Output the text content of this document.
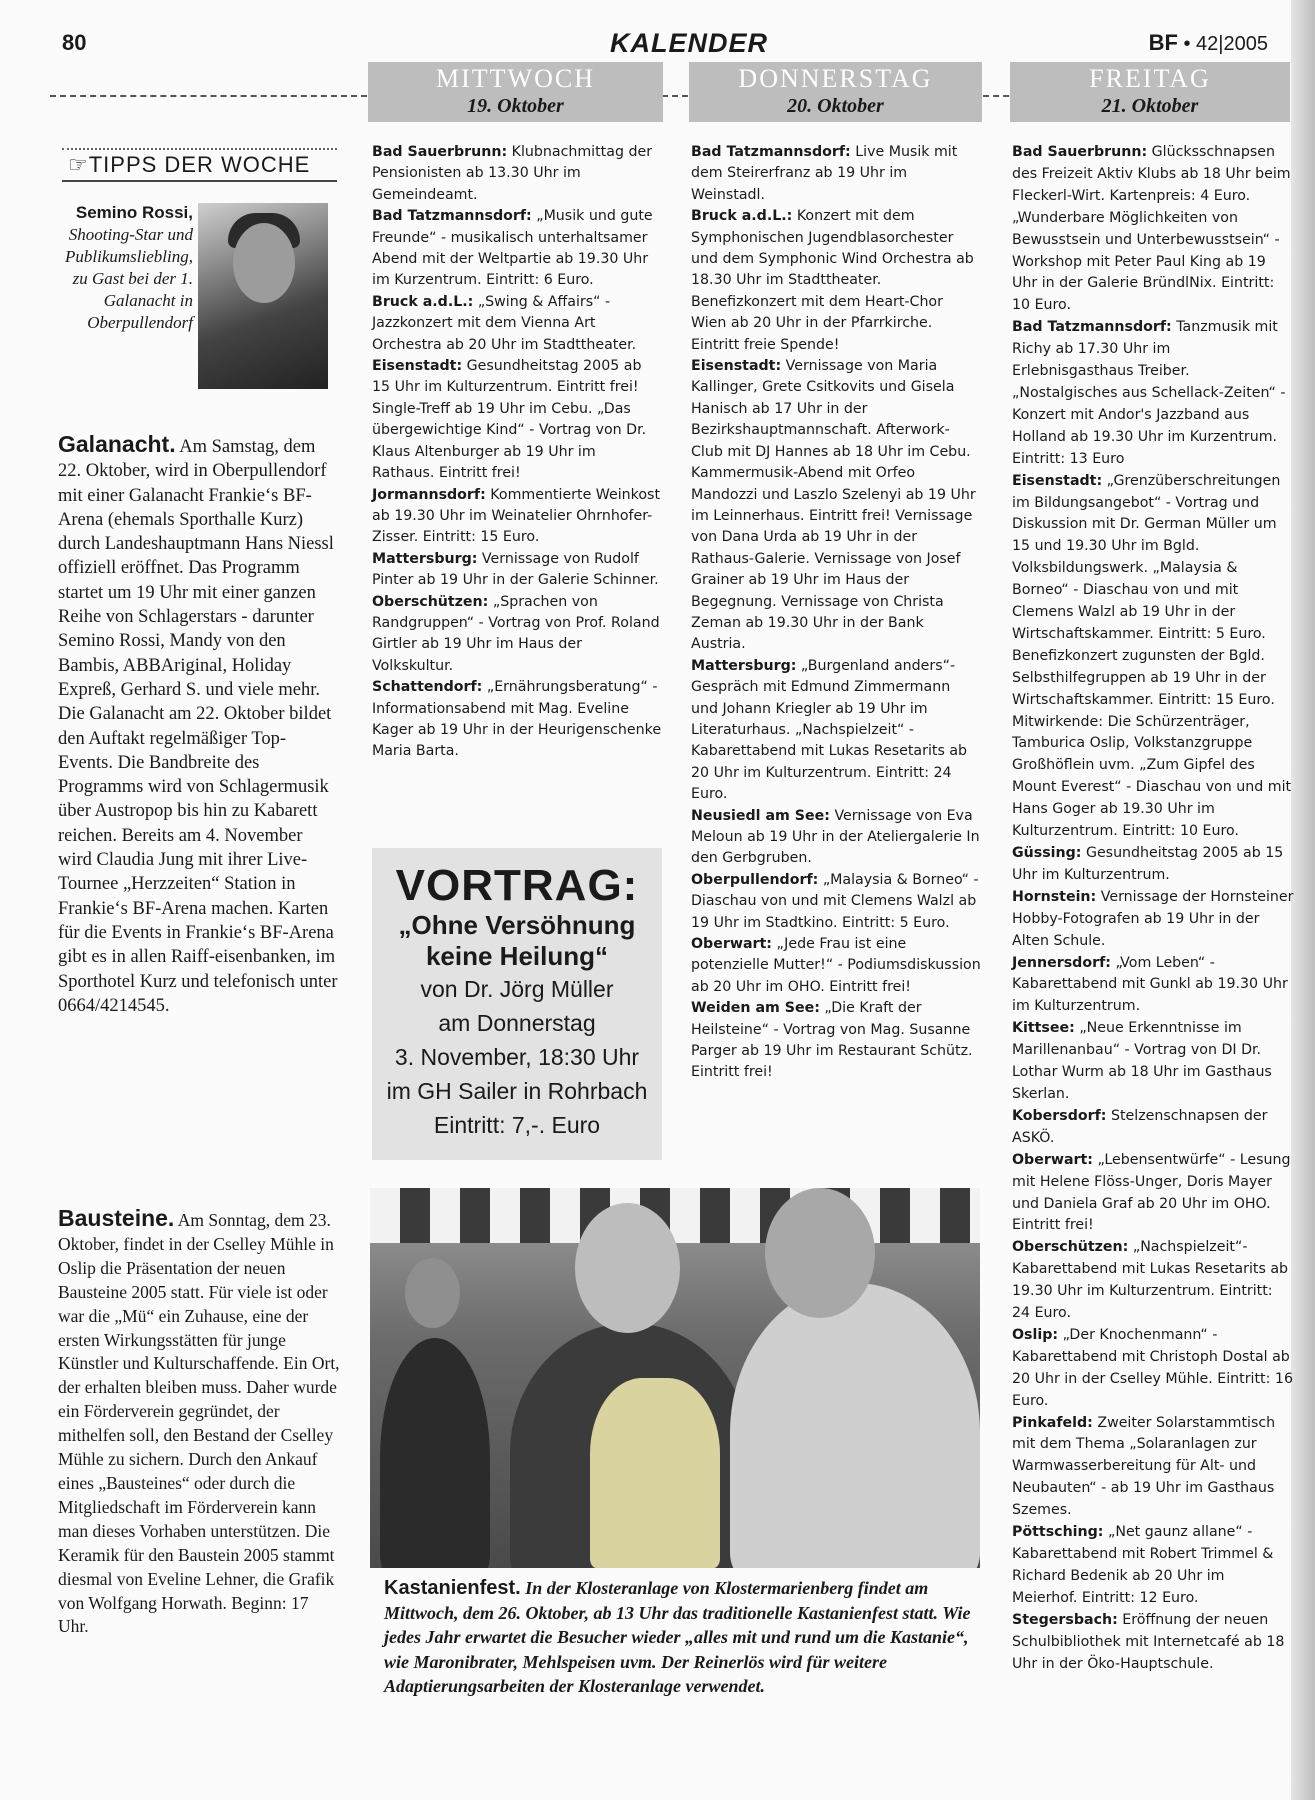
80	KALENDER	BF • 42|2005
MITTWOCH
19. Oktober
DONNERSTAG
20. Oktober
FREITAG
21. Oktober
☞TIPPS DER WOCHE
Semino Rossi, Shooting-Star und Publikumsliebling, zu Gast bei der 1. Galanacht in Oberpullendorf
Galanacht. Am Samstag, dem 22. Oktober, wird in Oberpullendorf mit einer Galanacht Frankie‘s BF-Arena (ehemals Sporthalle Kurz) durch Landeshauptmann Hans Niessl offiziell eröffnet. Das Programm startet um 19 Uhr mit einer ganzen Reihe von Schlagerstars - darunter Semino Rossi, Mandy von den Bambis, ABBAriginal, Holiday Expreß, Gerhard S. und viele mehr. Die Galanacht am 22. Oktober bildet den Auftakt regelmäßiger Top-Events. Die Bandbreite des Programms wird von Schlagermusik über Austropop bis hin zu Kabarett reichen. Bereits am 4. November wird Claudia Jung mit ihrer Live-Tournee „Herzzeiten“ Station in Frankie‘s BF-Arena machen. Karten für die Events in Frankie‘s BF-Arena gibt es in allen Raiff-eisenbanken, im Sporthotel Kurz und telefonisch unter 0664/4214545.
Bausteine. Am Sonntag, dem 23. Oktober, findet in der Cselley Mühle in Oslip die Präsentation der neuen Bausteine 2005 statt. Für viele ist oder war die „Mü“ ein Zuhause, eine der ersten Wirkungsstätten für junge Künstler und Kulturschaffende. Ein Ort, der erhalten bleiben muss. Daher wurde ein Förderverein gegründet, der mithelfen soll, den Bestand der Cselley Mühle zu sichern. Durch den Ankauf eines „Bausteines“ oder durch die Mitgliedschaft im Förderverein kann man dieses Vorhaben unterstützen. Die Keramik für den Baustein 2005 stammt diesmal von Eveline Lehner, die Grafik von Wolfgang Horwath. Beginn: 17 Uhr.

Bad Sauerbrunn: Klubnachmittag der Pensionisten ab 13.30 Uhr im Gemeindeamt.

Bad Tatzmannsdorf: „Musik und gute Freunde“ - musikalisch unterhaltsamer Abend mit der Weltpartie ab 19.30 Uhr im Kurzentrum. Eintritt: 6 Euro.

Bruck a.d.L.: „Swing & Affairs“ - Jazzkonzert mit dem Vienna Art Orchestra ab 20 Uhr im Stadttheater.

Eisenstadt: Gesundheitstag 2005 ab 15 Uhr im Kulturzentrum. Eintritt frei! Single-Treff ab 19 Uhr im Cebu. „Das übergewichtige Kind“ - Vortrag von Dr. Klaus Altenburger ab 19 Uhr im Rathaus. Eintritt frei!

Jormannsdorf: Kommentierte Weinkost ab 19.30 Uhr im Weinatelier Ohrnhofer-Zisser. Eintritt: 15 Euro.

Mattersburg: Vernissage von Rudolf Pinter ab 19 Uhr in der Galerie Schinner.

Oberschützen: „Sprachen von Randgruppen“ - Vortrag von Prof. Roland Girtler ab 19 Uhr im Haus der Volkskultur.

Schattendorf: „Ernährungsberatung“ - Informationsabend mit Mag. Eveline Kager ab 19 Uhr in der Heurigenschenke Maria Barta.

Bad Tatzmannsdorf: Live Musik mit dem Steirerfranz ab 19 Uhr im Weinstadl.

Bruck a.d.L.: Konzert mit dem Symphonischen Jugendblasorchester und dem Symphonic Wind Orchestra ab 18.30 Uhr im Stadttheater. Benefizkonzert mit dem Heart-Chor Wien ab 20 Uhr in der Pfarrkirche. Eintritt freie Spende!

Eisenstadt: Vernissage von Maria Kallinger, Grete Csitkovits und Gisela Hanisch ab 17 Uhr in der Bezirkshauptmannschaft. Afterwork-Club mit DJ Hannes ab 18 Uhr im Cebu. Kammermusik-Abend mit Orfeo Mandozzi und Laszlo Szelenyi ab 19 Uhr im Leinnerhaus. Eintritt frei! Vernissage von Dana Urda ab 19 Uhr in der Rathaus-Galerie. Vernissage von Josef Grainer ab 19 Uhr im Haus der Begegnung. Vernissage von Christa Zeman ab 19.30 Uhr in der Bank Austria.

Mattersburg: „Burgenland anders“-Gespräch mit Edmund Zimmermann und Johann Kriegler ab 19 Uhr im Literaturhaus. „Nachspielzeit“ - Kabarettabend mit Lukas Resetarits ab 20 Uhr im Kulturzentrum. Eintritt: 24 Euro.

Neusiedl am See: Vernissage von Eva Meloun ab 19 Uhr in der Ateliergalerie In den Gerbgruben.

Oberpullendorf: „Malaysia & Borneo“ - Diaschau von und mit Clemens Walzl ab 19 Uhr im Stadtkino. Eintritt: 5 Euro.

Oberwart: „Jede Frau ist eine potenzielle Mutter!“ - Podiumsdiskussion ab 20 Uhr im OHO. Eintritt frei!

Weiden am See: „Die Kraft der Heilsteine“ - Vortrag von Mag. Susanne Parger ab 19 Uhr im Restaurant Schütz. Eintritt frei!

Bad Sauerbrunn: Glücksschnapsen des Freizeit Aktiv Klubs ab 18 Uhr beim Fleckerl-Wirt. Kartenpreis: 4 Euro. „Wunderbare Möglichkeiten von Bewusstsein und Unterbewusstsein“ - Workshop mit Peter Paul King ab 19 Uhr in der Galerie BründlNix. Eintritt: 10 Euro.

Bad Tatzmannsdorf: Tanzmusik mit Richy ab 17.30 Uhr im Erlebnisgasthaus Treiber. „Nostalgisches aus Schellack-Zeiten“ - Konzert mit Andor's Jazzband aus Holland ab 19.30 Uhr im Kurzentrum. Eintritt: 13 Euro

Eisenstadt: „Grenzüberschreitungen im Bildungsangebot“ - Vortrag und Diskussion mit Dr. German Müller um 15 und 19.30 Uhr im Bgld. Volksbildungswerk. „Malaysia & Borneo“ - Diaschau von und mit Clemens Walzl ab 19 Uhr in der Wirtschaftskammer. Eintritt: 5 Euro. Benefizkonzert zugunsten der Bgld. Selbsthilfegruppen ab 19 Uhr in der Wirtschaftskammer. Eintritt: 15 Euro. Mitwirkende: Die Schürzenträger, Tamburica Oslip, Volkstanzgruppe Großhöflein uvm. „Zum Gipfel des Mount Everest“ - Diaschau von und mit Hans Goger ab 19.30 Uhr im Kulturzentrum. Eintritt: 10 Euro.

Güssing: Gesundheitstag 2005 ab 15 Uhr im Kulturzentrum.

Hornstein: Vernissage der Hornsteiner Hobby-Fotografen ab 19 Uhr in der Alten Schule.

Jennersdorf: „Vom Leben“ - Kabarettabend mit Gunkl ab 19.30 Uhr im Kulturzentrum.

Kittsee: „Neue Erkenntnisse im Marillenanbau“ - Vortrag von DI Dr. Lothar Wurm ab 18 Uhr im Gasthaus Skerlan.

Kobersdorf: Stelzenschnapsen der ASKÖ.

Oberwart: „Lebensentwürfe“ - Lesung mit Helene Flöss-Unger, Doris Mayer und Daniela Graf ab 20 Uhr im OHO. Eintritt frei!

Oberschützen: „Nachspielzeit“-Kabarettabend mit Lukas Resetarits ab 19.30 Uhr im Kulturzentrum. Eintritt: 24 Euro.

Oslip: „Der Knochenmann“ - Kabarettabend mit Christoph Dostal ab 20 Uhr in der Cselley Mühle. Eintritt: 16 Euro.

Pinkafeld: Zweiter Solarstammtisch mit dem Thema „Solaranlagen zur Warmwasserbereitung für Alt- und Neubauten“ - ab 19 Uhr im Gasthaus Szemes.

Pöttsching: „Net gaunz allane“ - Kabarettabend mit Robert Trimmel & Richard Bedenik ab 20 Uhr im Meierhof. Eintritt: 12 Euro.

Stegersbach: Eröffnung der neuen Schulbibliothek mit Internetcafé ab 18 Uhr in der Öko-Hauptschule.

VORTRAG:
„Ohne Versöhnung
keine Heilung“
von Dr. Jörg Müller
am Donnerstag
3. November, 18:30 Uhr
im GH Sailer in Rohrbach
Eintritt: 7,-. Euro
Kastanienfest. In der Klosteranlage von Klostermarienberg findet am Mittwoch, dem 26. Oktober, ab 13 Uhr das traditionelle Kastanienfest statt. Wie jedes Jahr erwartet die Besucher wieder „alles mit und rund um die Kastanie“, wie Maronibrater, Mehlspeisen uvm. Der Reinerlös wird für weitere Adaptierungsarbeiten der Klosteranlage verwendet.
